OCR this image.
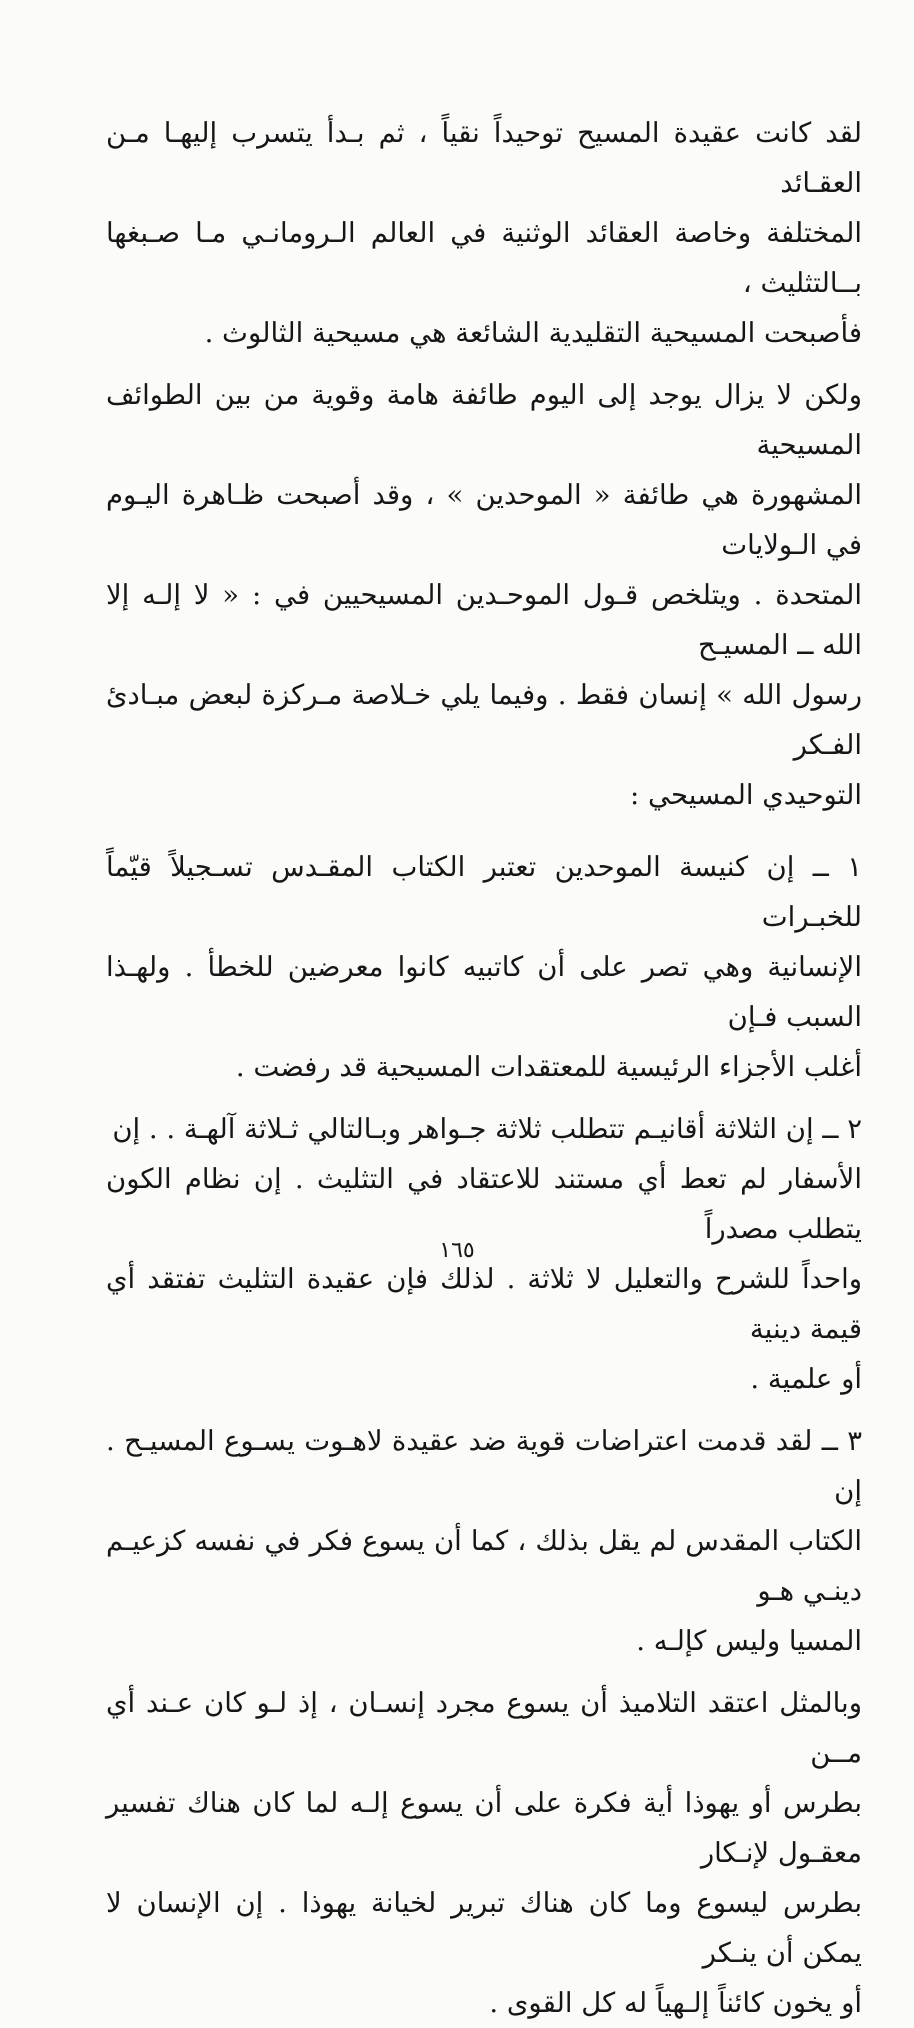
لقد كانت عقيدة المسيح توحيداً نقياً ، ثم بـدأ يتسرب إليهـا مـن العقـائد
المختلفة وخاصة العقائد الوثنية في العالم الـرومانـي مـا صـبغها بــالتثليث ،
فأصبحت المسيحية التقليدية الشائعة هي مسيحية الثالوث .
ولكن لا يزال يوجد إلى اليوم طائفة هامة وقوية من بين الطوائف المسيحية
المشهورة هي طائفة « الموحدين » ، وقد أصبحت ظـاهرة اليـوم في الـولايات
المتحدة . ويتلخص قـول الموحـدين المسيحيين في : « لا إلـه إلا الله ــ المسيـح
رسول الله » إنسان فقط . وفيما يلي خـلاصة مـركزة لبعض مبـادئ الفـكر
التوحيدي المسيحي :
١ ــ إن كنيسة الموحدين تعتبر الكتاب المقـدس تسـجيلاً قيّماً للخبـرات
الإنسانية وهي تصر على أن كاتبيه كانوا معرضين للخطأ . ولهـذا السبب فـإن
أغلب الأجزاء الرئيسية للمعتقدات المسيحية قد رفضت .
٢ ــ إن الثلاثة أقانيـم تتطلب ثلاثة جـواهر وبـالتالي ثـلاثة آلهـة . . إن
الأسفار لم تعط أي مستند للاعتقاد في التثليث . إن نظام الكون يتطلب مصدراً
واحداً للشرح والتعليل لا ثلاثة . لذلك فإن عقيدة التثليث تفتقد أي قيمة دينية
أو علمية .
٣ ــ لقد قدمت اعتراضات قوية ضد عقيدة لاهـوت يسـوع المسيـح . إن
الكتاب المقدس لم يقل بذلك ، كما أن يسوع فكر في نفسه كزعيـم دينـي هـو
المسيا وليس كإلـه .
وبالمثل اعتقد التلاميذ أن يسوع مجرد إنسـان ، إذ لـو كان عـند أي مــن
بطرس أو يهوذا أية فكرة على أن يسوع إلـه لما كان هناك تفسير معقـول لإنـكار
بطرس ليسوع وما كان هناك تبرير لخيانة يهوذا . إن الإنسان لا يمكن أن ينـكر
أو يخون كائناً إلـهياً له كل القوى .
١٦٥
